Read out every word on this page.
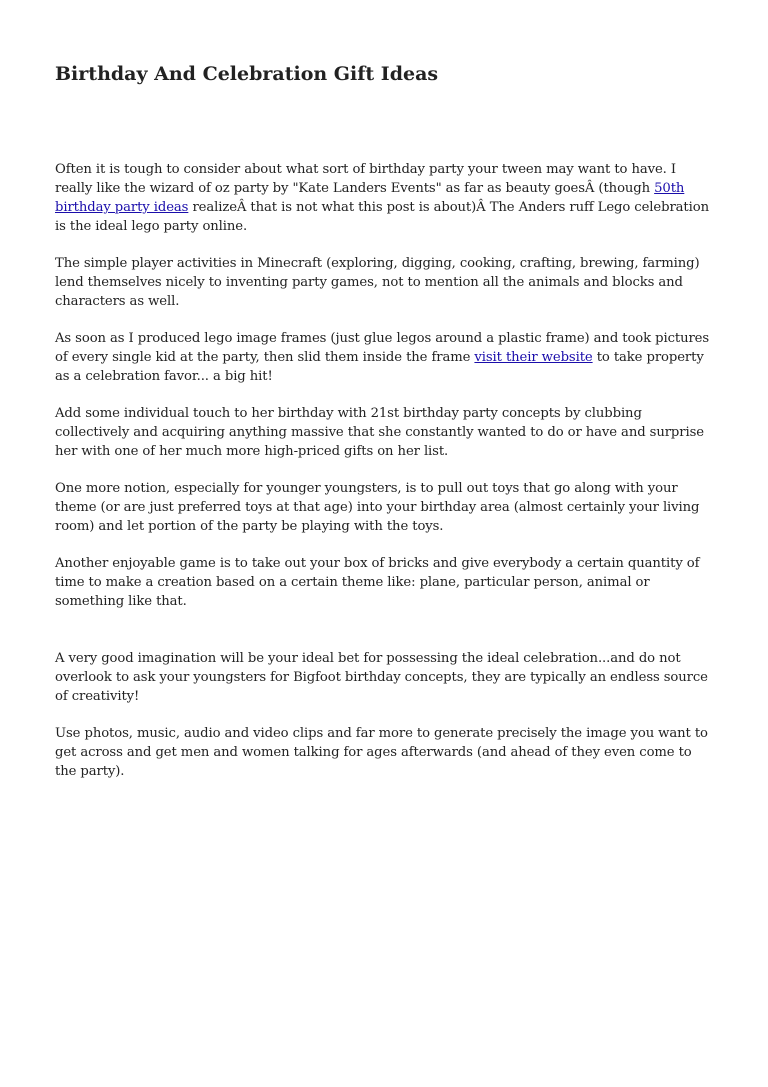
Birthday And Celebration Gift Ideas

Often it is tough to consider about what sort of birthday party your tween may want to have. I really like the wizard of oz party by "Kate Landers Events" as far as beauty goesÂ (though 50th birthday party ideas realizeÂ that is not what this post is about)Â The Anders ruff Lego celebration is the ideal lego party online.

The simple player activities in Minecraft (exploring, digging, cooking, crafting, brewing, farming) lend themselves nicely to inventing party games, not to mention all the animals and blocks and characters as well.

As soon as I produced lego image frames (just glue legos around a plastic frame) and took pictures of every single kid at the party, then slid them inside the frame visit their website to take property as a celebration favor... a big hit!

Add some individual touch to her birthday with 21st birthday party concepts by clubbing collectively and acquiring anything massive that she constantly wanted to do or have and surprise her with one of her much more high-priced gifts on her list.

One more notion, especially for younger youngsters, is to pull out toys that go along with your theme (or are just preferred toys at that age) into your birthday area (almost certainly your living room) and let portion of the party be playing with the toys.

Another enjoyable game is to take out your box of bricks and give everybody a certain quantity of time to make a creation based on a certain theme like: plane, particular person, animal or something like that.

A very good imagination will be your ideal bet for possessing the ideal celebration...and do not overlook to ask your youngsters for Bigfoot birthday concepts, they are typically an endless source of creativity!

Use photos, music, audio and video clips and far more to generate precisely the image you want to get across and get men and women talking for ages afterwards (and ahead of they even come to the party).
